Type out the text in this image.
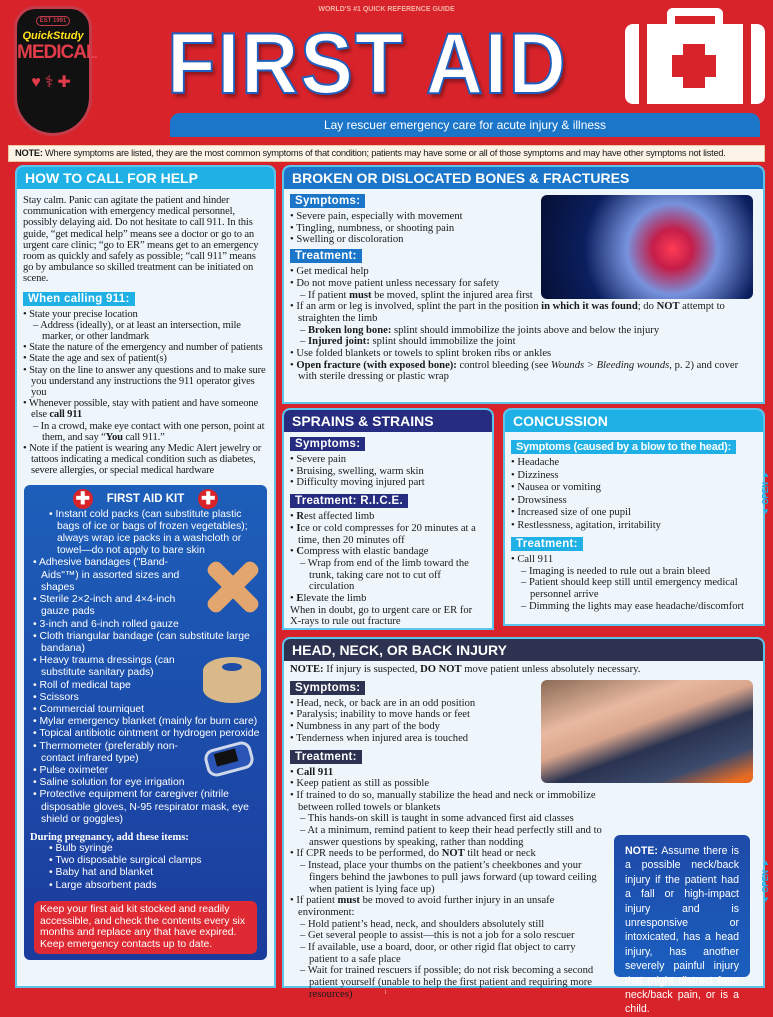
EST 1991
QuickStudy
MEDICAL
♥⚕✚
WORLD'S #1 QUICK REFERENCE GUIDE
FIRST AID
Lay rescuer emergency care for acute injury & illness
NOTE: Where symptoms are listed, they are the most common symptoms of that condition; patients may have some or all of those symptoms and may have other symptoms not listed.
HOW TO CALL FOR HELP
Stay calm. Panic can agitate the patient and hinder communication with emergency medical personnel, possibly delaying aid. Do not hesitate to call 911. In this guide, “get medical help” means see a doctor or go to an urgent care clinic; “go to ER” means get to an emergency room as quickly and safely as possible; “call 911” means go by ambulance so skilled treatment can be initiated on scene.
When calling 911:
• State your precise location
– Address (ideally), or at least an intersection, mile marker, or other landmark
• State the nature of the emergency and number of patients
• State the age and sex of patient(s)
• Stay on the line to answer any questions and to make sure you understand any instructions the 911 operator gives you
• Whenever possible, stay with patient and have someone else call 911
– In a crowd, make eye contact with one person, point at them, and say “You call 911.”
• Note if the patient is wearing any Medic Alert jewelry or tattoos indicating a medical condition such as diabetes, severe allergies, or special medical hardware
✚ FIRST AID KIT ✚
• Instant cold packs (can substitute plastic bags of ice or bags of frozen vegetables); always wrap ice packs in a washcloth or towel—do not apply to bare skin
• Adhesive bandages ("Band-Aids"™) in assorted sizes and shapes
• Sterile 2×2-inch and 4×4-inch gauze pads
• 3-inch and 6-inch rolled gauze
• Cloth triangular bandage (can substitute large bandana)
• Heavy trauma dressings (can substitute sanitary pads)
• Roll of medical tape
• Scissors
• Commercial tourniquet
• Mylar emergency blanket (mainly for burn care)
• Topical antibiotic ointment or hydrogen peroxide
• Thermometer (preferably non-contact infrared type)
• Pulse oximeter
• Saline solution for eye irrigation
• Protective equipment for caregiver (nitrile disposable gloves, N-95 respirator mask, eye shield or goggles)
During pregnancy, add these items:
• Bulb syringe
• Two disposable surgical clamps
• Baby hat and blanket
• Large absorbent pads
Keep your first aid kit stocked and readily accessible, and check the contents every six months and replace any that have expired. Keep emergency contacts up to date.
BROKEN OR DISLOCATED BONES & FRACTURES
Symptoms:
• Severe pain, especially with movement
• Tingling, numbness, or shooting pain
• Swelling or discoloration
Treatment:
• Get medical help
• Do not move patient unless necessary for safety
– If patient must be moved, splint the injured area first
• If an arm or leg is involved, splint the part in the position in which it was found; do NOT attempt to straighten the limb
– Broken long bone: splint should immobilize the joints above and below the injury
– Injured joint: splint should immobilize the joint
• Use folded blankets or towels to splint broken ribs or ankles
• Open fracture (with exposed bone): control bleeding (see Wounds > Bleeding wounds, p. 2) and cover with sterile dressing or plastic wrap
SPRAINS & STRAINS
Symptoms:
• Severe pain
• Bruising, swelling, warm skin
• Difficulty moving injured part
Treatment: R.I.C.E.
• Rest affected limb
• Ice or cold compresses for 20 minutes at a time, then 20 minutes off
• Compress with elastic bandage
– Wrap from end of the limb toward the trunk, taking care not to cut off circulation
• Elevate the limb
When in doubt, go to urgent care or ER for X-rays to rule out fracture
CONCUSSION
Symptoms (caused by a blow to the head):
• Headache
• Dizziness
• Nausea or vomiting
• Drowsiness
• Increased size of one pupil
• Restlessness, agitation, irritability
Treatment:
• Call 911
– Imaging is needed to rule out a brain bleed
– Patient should keep still until emergency medical personnel arrive
– Dimming the lights may ease headache/discomfort
HEAD, NECK, OR BACK INJURY
NOTE: If injury is suspected, DO NOT move patient unless absolutely necessary.
Symptoms:
• Head, neck, or back are in an odd position
• Paralysis; inability to move hands or feet
• Numbness in any part of the body
• Tenderness when injured area is touched
Treatment:
• Call 911
• Keep patient as still as possible
• If trained to do so, manually stabilize the head and neck or immobilize between rolled towels or blankets
– This hands-on skill is taught in some advanced first aid classes
– At a minimum, remind patient to keep their head perfectly still and to answer questions by speaking, rather than nodding
• If CPR needs to be performed, do NOT tilt head or neck
– Instead, place your thumbs on the patient’s cheekbones and your fingers behind the jawbones to pull jaws forward (up toward ceiling when patient is lying face up)
• If patient must be moved to avoid further injury in an unsafe environment:
– Hold patient’s head, neck, and shoulders absolutely still
– Get several people to assist—this is not a job for a solo rescuer
– If available, use a board, door, or other rigid flat object to carry patient to a safe place
– Wait for trained rescuers if possible; do not risk becoming a second patient yourself (unable to help the first patient and requiring more resources)
NOTE: Assume there is a possible neck/back injury if the patient had a fall or high-impact injury and is unresponsive or intoxicated, has a head injury, has another severely painful injury that might distract from neck/back pain, or is a child.
▲
OPEN
▼
▲
OPEN
▼
1
